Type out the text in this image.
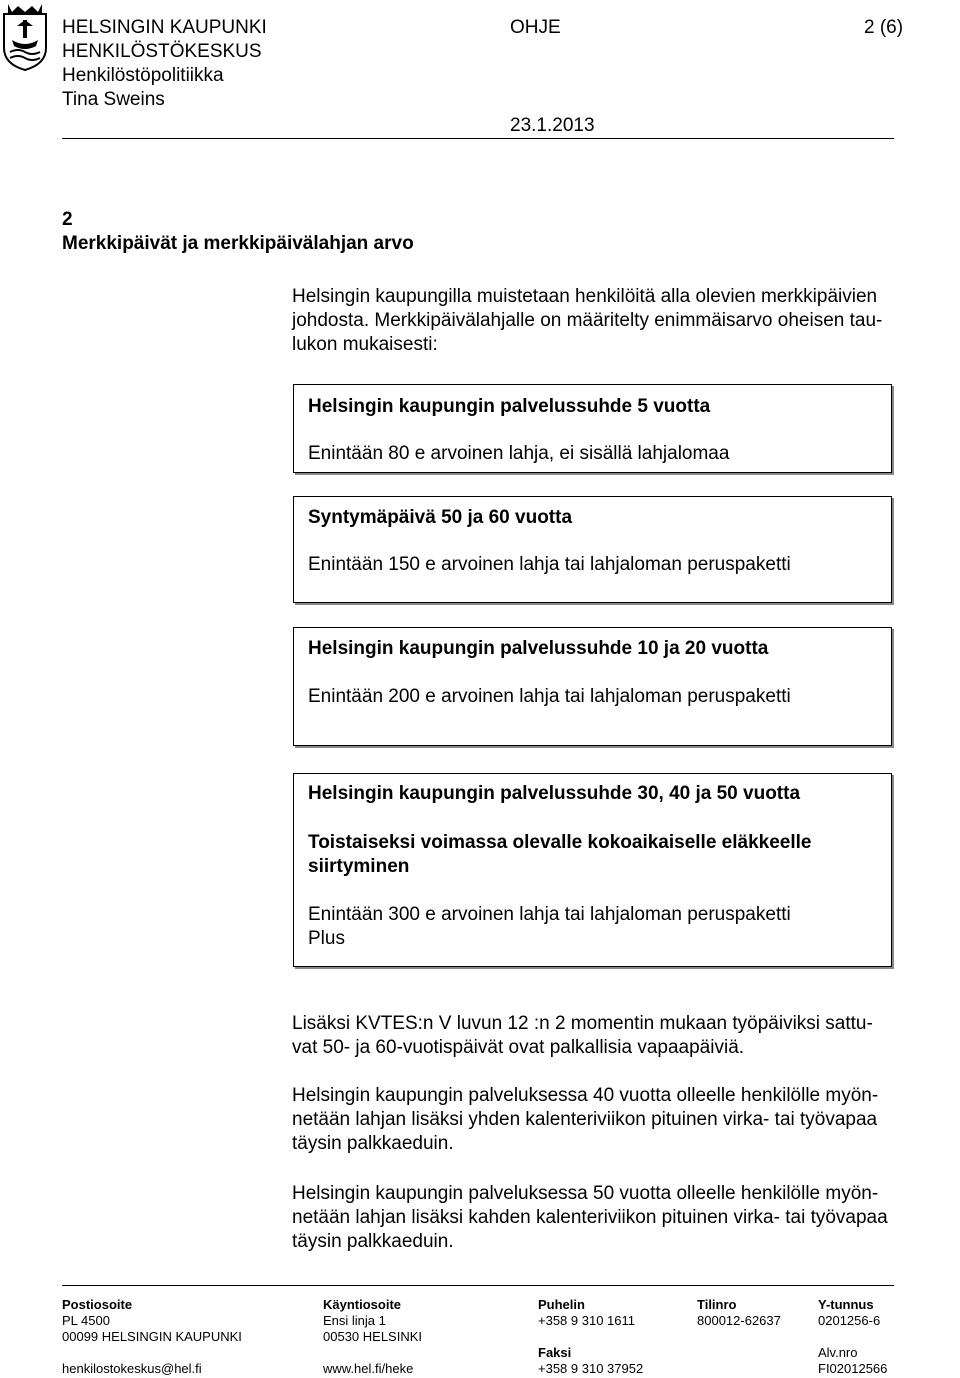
HELSINGIN KAUPUNKI
HENKILÖSTÖKESKUS
Henkilöstöpolitiikka
Tina Sweins
OHJE	2 (6)
23.1.2013
2
Merkkipäivät ja merkkipäivälahjan arvo
Helsingin kaupungilla muistetaan henkilöitä alla olevien merkkipäivien
johdosta. Merkkipäivälahjalle on määritelty enimmäisarvo oheisen tau-
lukon mukaisesti:
Helsingin kaupungin palvelussuhde 5 vuotta
Enintään 80 e arvoinen lahja, ei sisällä lahjalomaa
Syntymäpäivä 50 ja 60 vuotta
Enintään 150 e arvoinen lahja tai lahjaloman peruspaketti
Helsingin kaupungin palvelussuhde 10 ja 20 vuotta
Enintään 200 e arvoinen lahja tai lahjaloman peruspaketti
Helsingin kaupungin palvelussuhde 30, 40 ja 50 vuotta
Toistaiseksi voimassa olevalle kokoaikaiselle eläkkeelle
siirtyminen
Enintään 300 e arvoinen lahja tai lahjaloman peruspaketti
Plus
Lisäksi KVTES:n V luvun 12 :n 2 momentin mukaan työpäiviksi sattu-
vat 50- ja 60-vuotispäivät ovat palkallisia vapaapäiviä.
Helsingin kaupungin palveluksessa 40 vuotta olleelle henkilölle myön-
netään lahjan lisäksi yhden kalenteriviikon pituinen virka- tai työvapaa
täysin palkkaeduin.
Helsingin kaupungin palveluksessa 50 vuotta olleelle henkilölle myön-
netään lahjan lisäksi kahden kalenteriviikon pituinen virka- tai työvapaa
täysin palkkaeduin.
Postiosoite
PL 4500
00099 HELSINGIN KAUPUNKI
henkilostokeskus@hel.fi
Käyntiosoite
Ensi linja 1
00530 HELSINKI
www.hel.fi/heke
Puhelin
+358 9 310 1611
Faksi
+358 9 310 37952
Tilinro
800012-62637
Y-tunnus
0201256-6
Alv.nro
FI02012566
